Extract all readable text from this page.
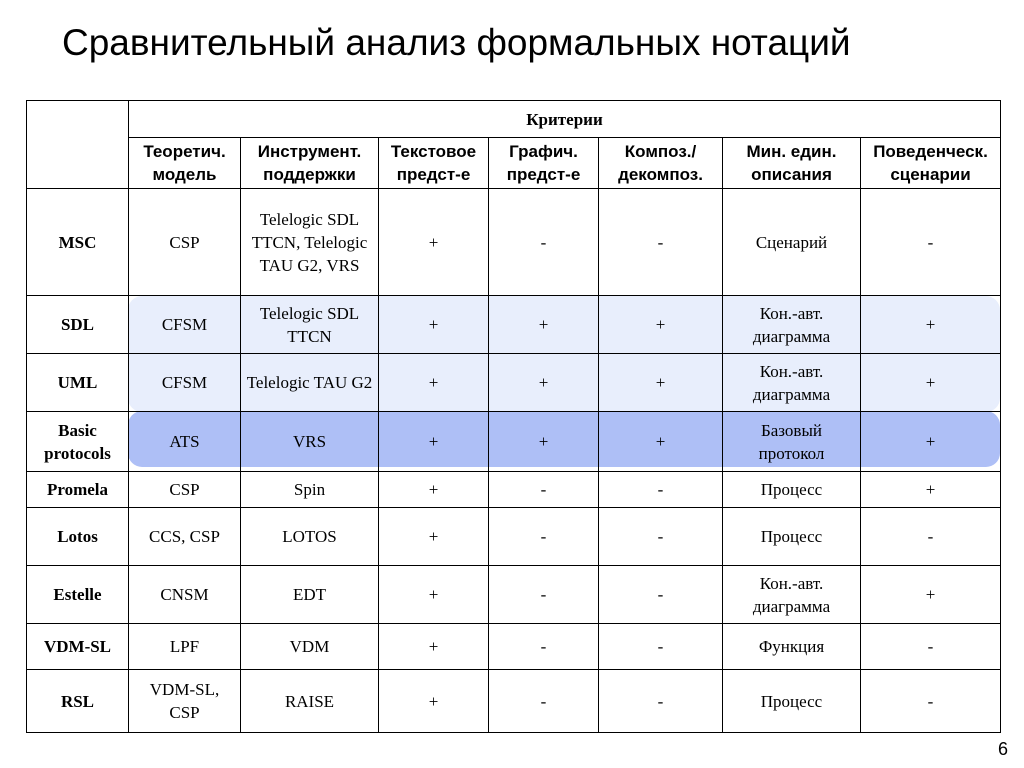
Сравнительный анализ формальных нотаций
	Критерии						
	Теоретич. модель	Инструмент. поддержки	Текстовое предст-е	Графич. предст-е	Композ./ декомпоз.	Мин. един. описания	Поведенческ. сценарии
MSC	CSP	Telelogic SDL TTCN, Telelogic TAU G2, VRS	+	-	-	Сценарий	-
SDL	CFSM	Telelogic SDL TTCN	+	+	+	Кон.-авт. диаграмма	+
UML	CFSM	Telelogic TAU G2	+	+	+	Кон.-авт. диаграмма	+
Basic protocols	ATS	VRS	+	+	+	Базовый протокол	+
Promela	CSP	Spin	+	-	-	Процесс	+
Lotos	CCS, CSP	LOTOS	+	-	-	Процесс	-
Estelle	CNSM	EDT	+	-	-	Кон.-авт. диаграмма	+
VDM-SL	LPF	VDM	+	-	-	Функция	-
RSL	VDM-SL, CSP	RAISE	+	-	-	Процесс	-
6
